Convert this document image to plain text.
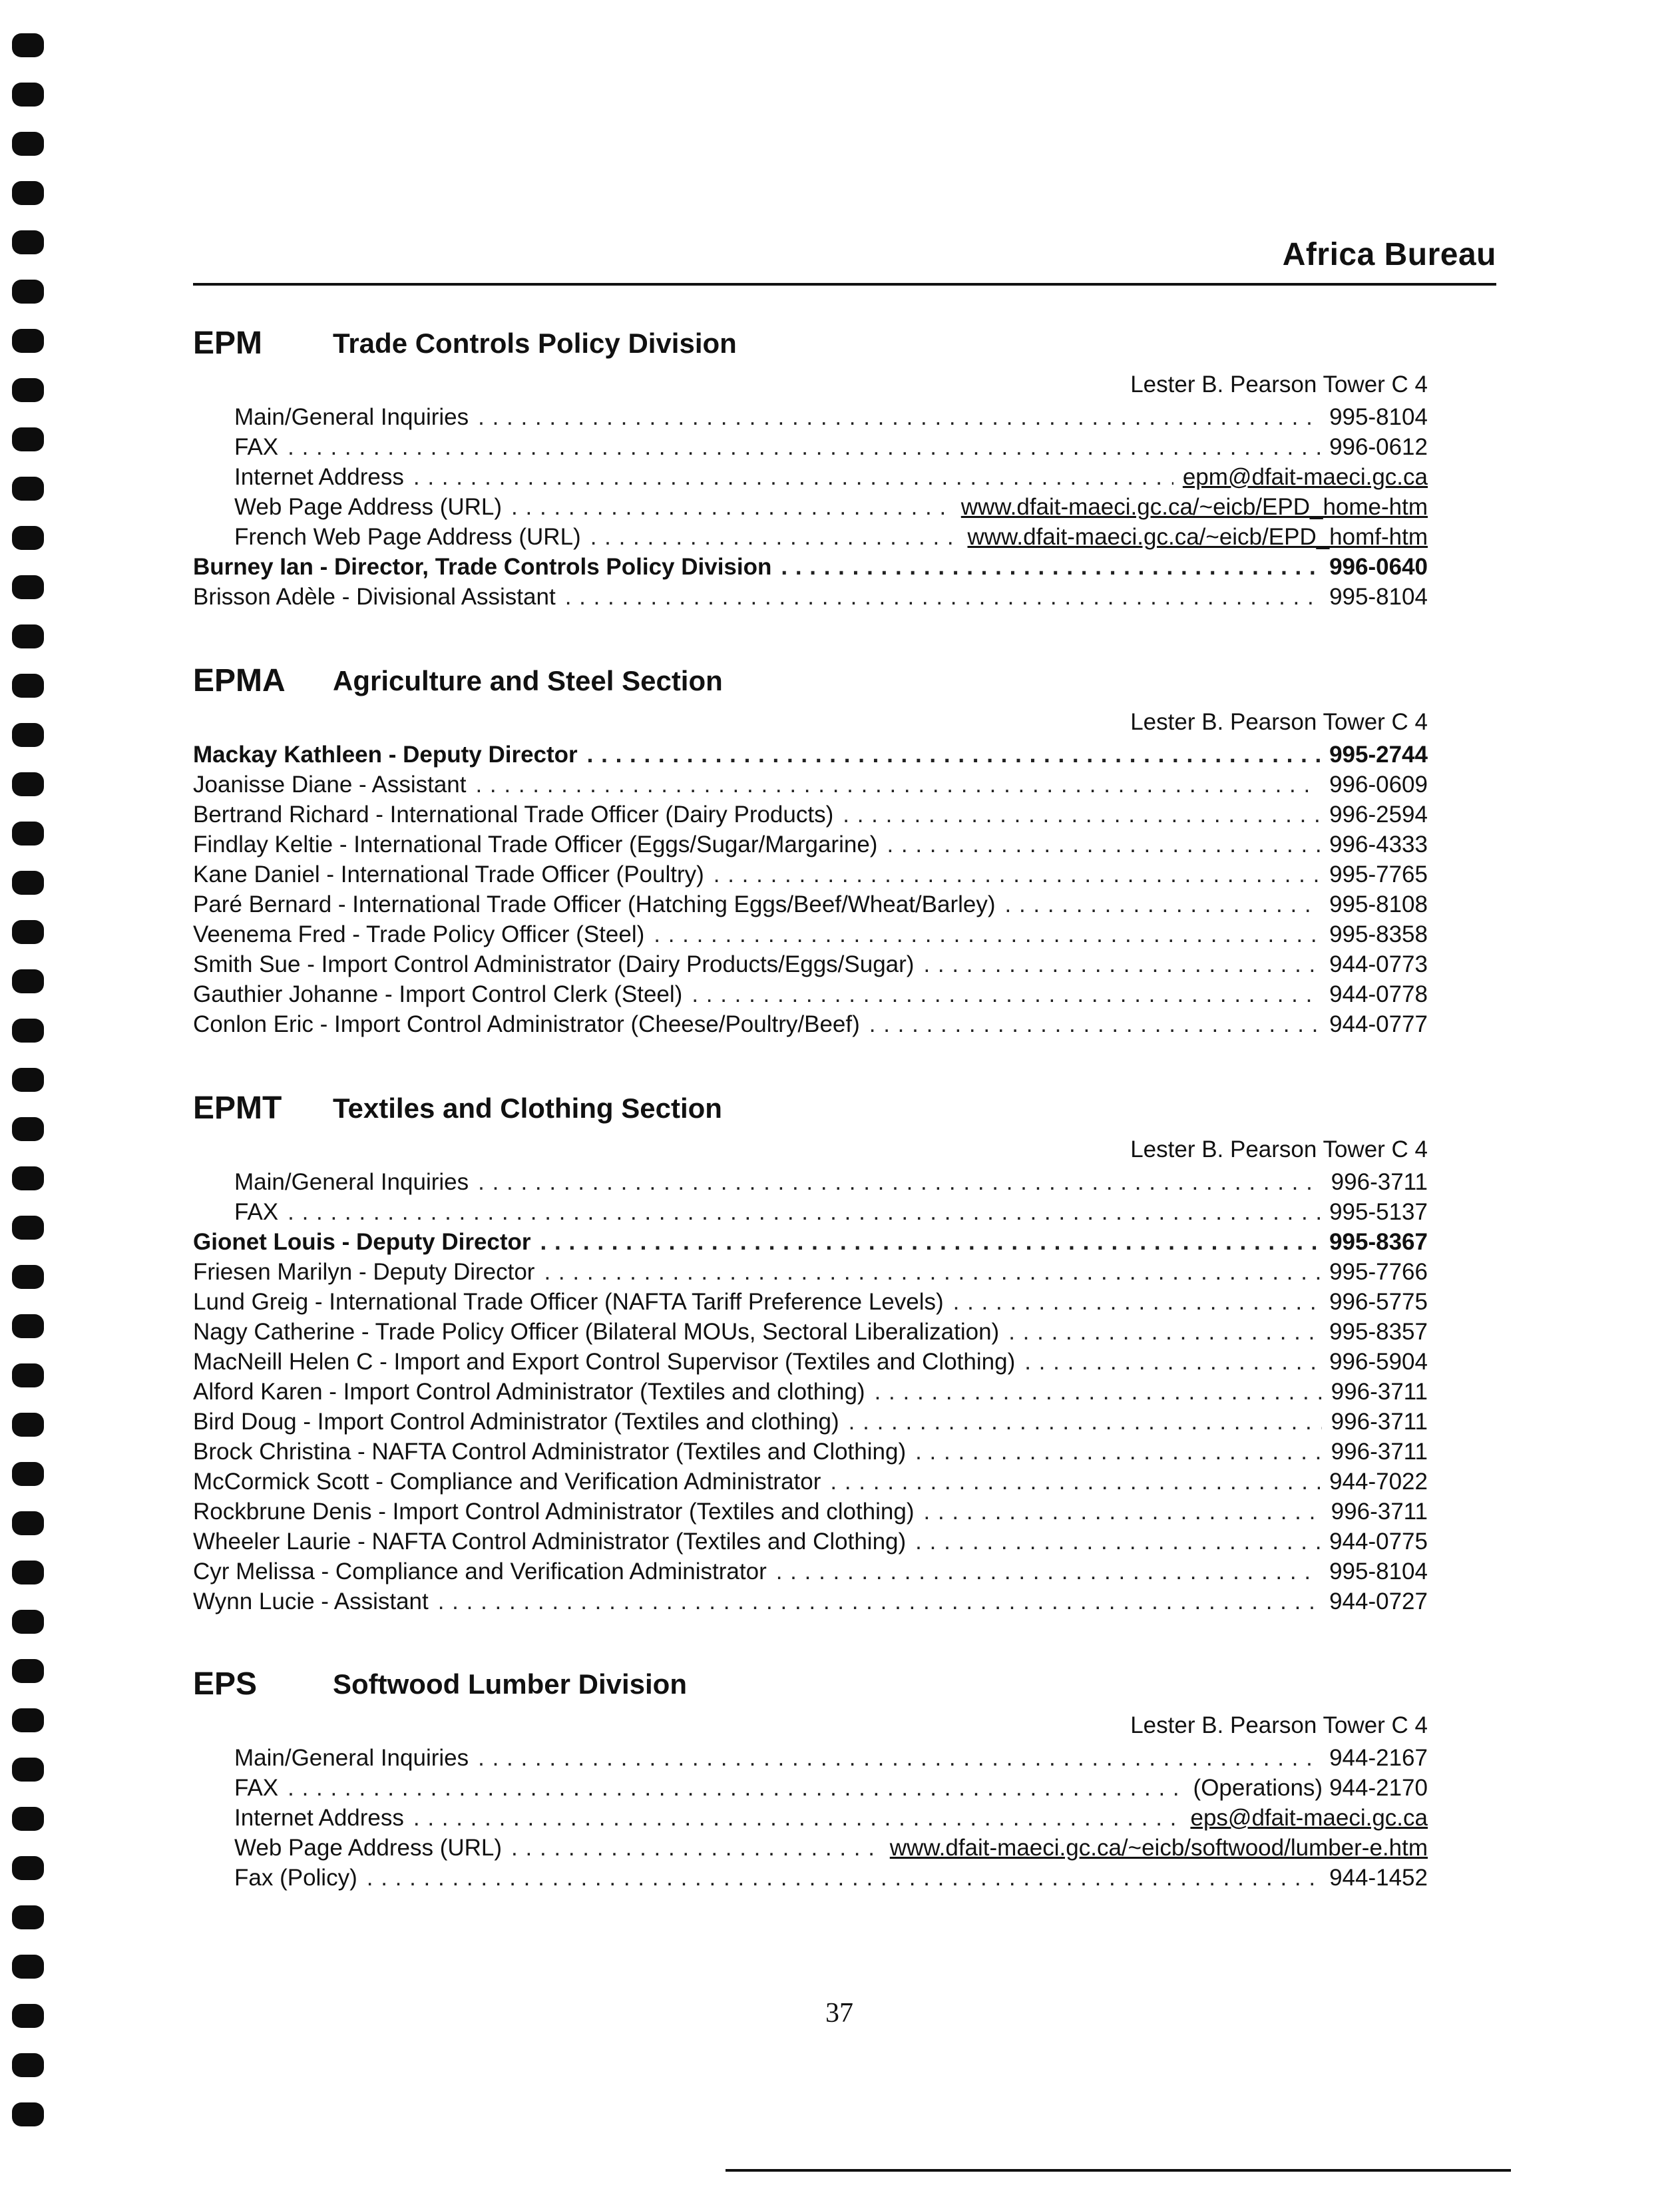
Africa Bureau
EPM	Trade Controls Policy Division
Lester B. Pearson Tower C 4
Main/General Inquiries . . .	995-8104
FAX . . .	996-0612
Internet Address . . .	epm@dfait-maeci.gc.ca
Web Page Address (URL) . . .	www.dfait-maeci.gc.ca/~eicb/EPD_home-htm
French Web Page Address (URL) . . .	www.dfait-maeci.gc.ca/~eicb/EPD_homf-htm
Burney Ian - Director, Trade Controls Policy Division . . .	996-0640
Brisson Adèle - Divisional Assistant . . .	995-8104
EPMA Agriculture and Steel Section
Lester B. Pearson Tower C 4
Mackay Kathleen - Deputy Director . . .	995-2744
Joanisse Diane - Assistant . . .	996-0609
Bertrand Richard - International Trade Officer (Dairy Products) . . .	996-2594
Findlay Keltie - International Trade Officer (Eggs/Sugar/Margarine) . . .	996-4333
Kane Daniel - International Trade Officer (Poultry) . . .	995-7765
Paré Bernard - International Trade Officer (Hatching Eggs/Beef/Wheat/Barley) . . .	995-8108
Veenema Fred - Trade Policy Officer (Steel) . . .	995-8358
Smith Sue - Import Control Administrator (Dairy Products/Eggs/Sugar) . . .	944-0773
Gauthier Johanne - Import Control Clerk (Steel) . . .	944-0778
Conlon Eric - Import Control Administrator (Cheese/Poultry/Beef) . . .	944-0777
EPMT Textiles and Clothing Section
Lester B. Pearson Tower C 4
Main/General Inquiries . . .	996-3711
FAX . . .	995-5137
Gionet Louis - Deputy Director . . .	995-8367
Friesen Marilyn - Deputy Director . . .	995-7766
Lund Greig - International Trade Officer (NAFTA Tariff Preference Levels) . . .	996-5775
Nagy Catherine - Trade Policy Officer (Bilateral MOUs, Sectoral Liberalization) . . .	995-8357
MacNeill Helen C - Import and Export Control Supervisor (Textiles and Clothing) . . .	996-5904
Alford Karen - Import Control Administrator (Textiles and clothing) . . .	996-3711
Bird Doug - Import Control Administrator (Textiles and clothing) . . .	996-3711
Brock Christina - NAFTA Control Administrator (Textiles and Clothing) . . .	996-3711
McCormick Scott - Compliance and Verification Administrator . . .	944-7022
Rockbrune Denis - Import Control Administrator (Textiles and clothing) . . .	996-3711
Wheeler Laurie - NAFTA Control Administrator (Textiles and Clothing) . . .	944-0775
Cyr Melissa - Compliance and Verification Administrator . . .	995-8104
Wynn Lucie - Assistant . . .	944-0727
EPS	Softwood Lumber Division
Lester B. Pearson Tower C 4
Main/General Inquiries . . .	944-2167
FAX . . .	(Operations) 944-2170
Internet Address . . .	eps@dfait-maeci.gc.ca
Web Page Address (URL) . . .	www.dfait-maeci.gc.ca/~eicb/softwood/lumber-e.htm
Fax (Policy) . . .	944-1452
37
